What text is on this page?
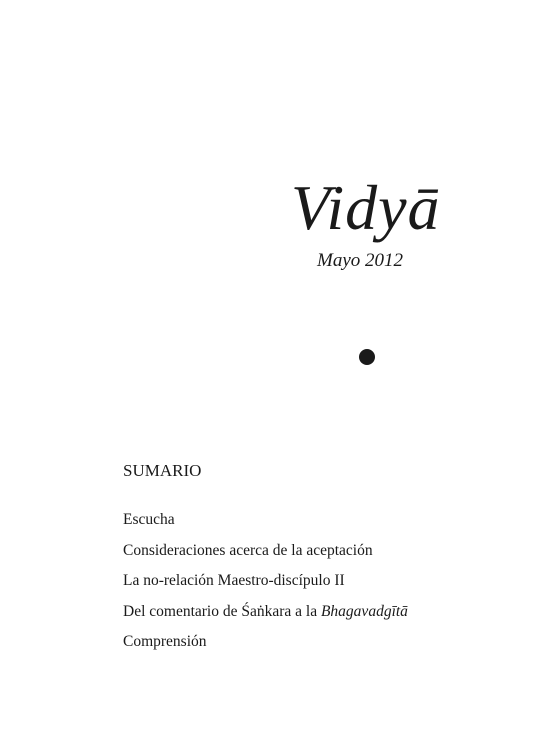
Vidyā
Mayo 2012
SUMARIO
Escucha
Consideraciones acerca de la aceptación
La no-relación Maestro-discípulo II
Del comentario de Śaṅkara a la Bhagavadgītā
Comprensión
